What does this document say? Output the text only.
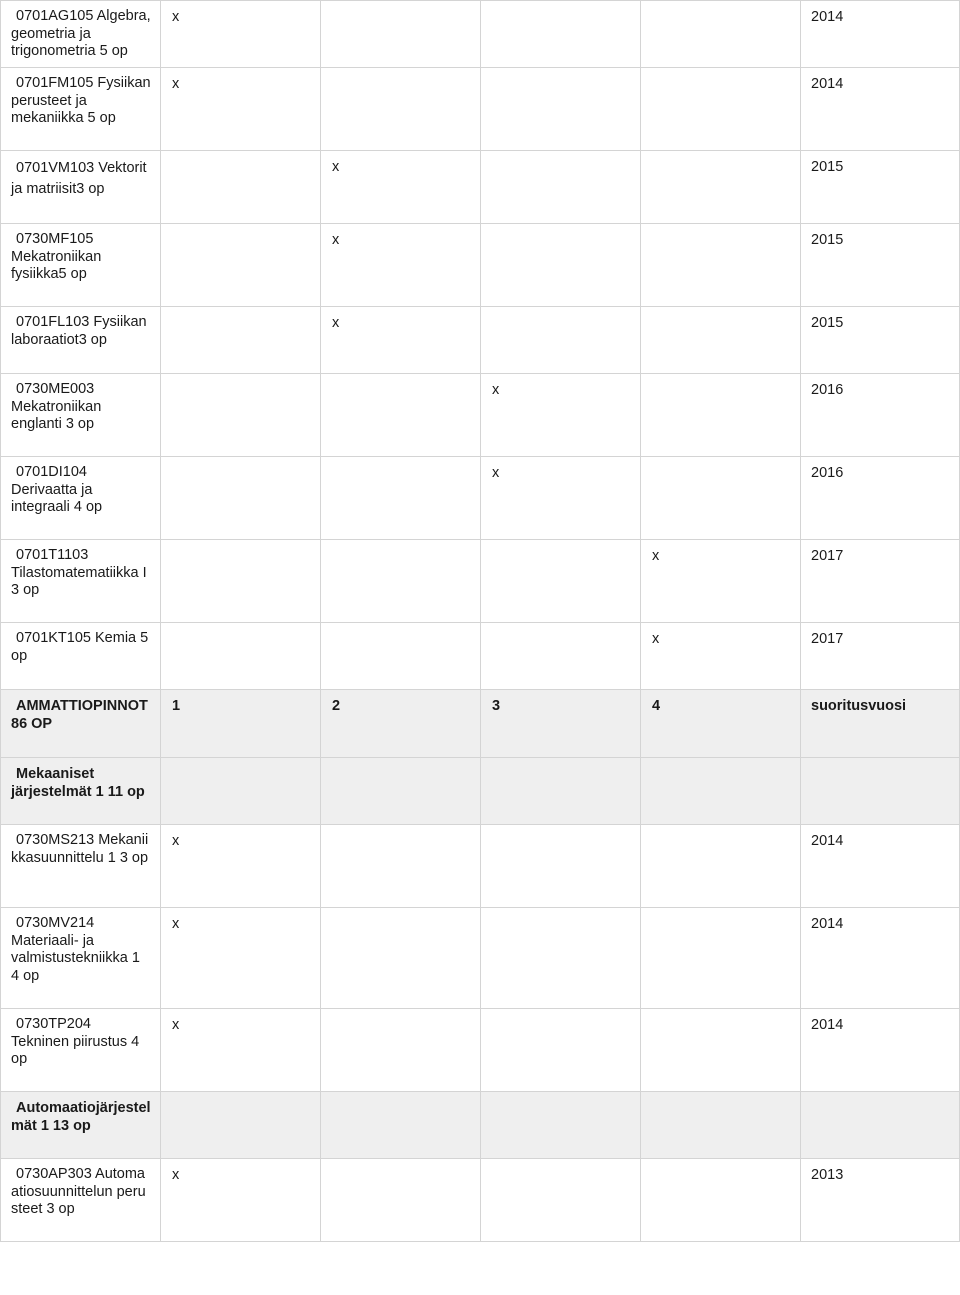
0701AG105 Algebra, geometria ja trigonometria 5 op	x				2014

0701FM105 Fysiikan perusteet ja mekaniikka 5 op	x				2014

0701VM103 Vektorit ja matriisit3 op		x			2015

0730MF105 Mekatroniikan fysiikka5 op		x			2015

0701FL103 Fysiikan laboraatiot3 op		x			2015

0730ME003 Mekatroniikan englanti 3 op			x		2016

0701DI104 Derivaatta ja integraali 4 op			x		2016

0701T1103 Tilastomatematiikka I 3 op				x	2017

0701KT105 Kemia 5 op				x	2017

AMMATTIOPINNOT 86 OP	1	2	3	4	suoritusvuosi

Mekaaniset järjestelmät 1 11 op					

0730MS213 Mekaniikkasuunnittelu 1 3 op	x				2014

0730MV214 Materiaali- ja valmistustekniikka 1 4 op	x				2014

0730TP204 Tekninen piirustus 4 op	x				2014

Automaatiojärjestelmät 1 13 op					

0730AP303 Automaatiosuunnittelun perusteet 3 op	x				2013
